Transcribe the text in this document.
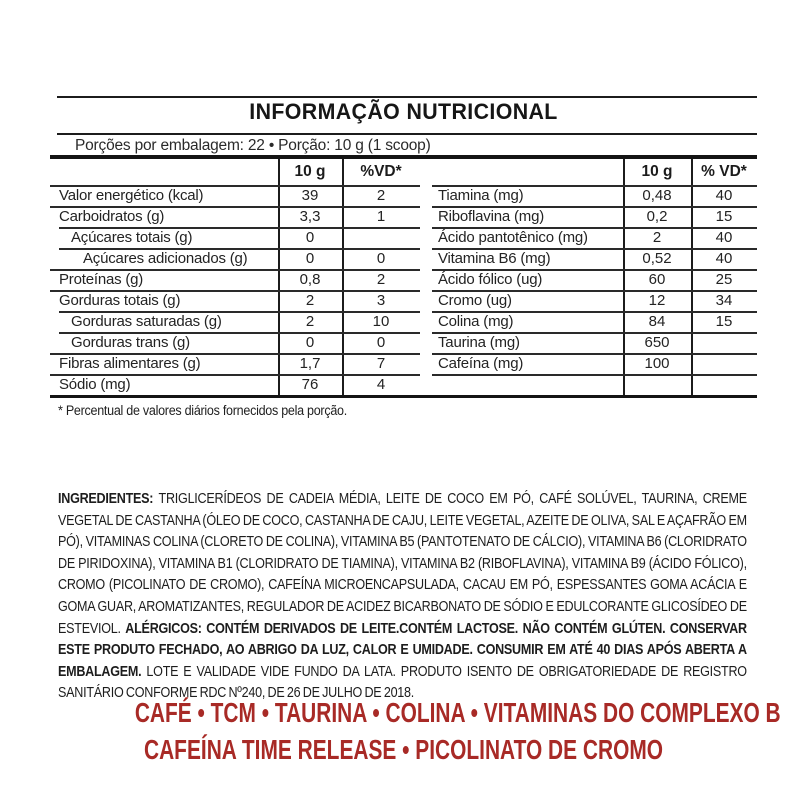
INFORMAÇÃO NUTRICIONAL
Porções por embalagem: 22 • Porção: 10 g (1 scoop)
10 g	%VD*
Valor energético (kcal)	39	2
Carboidratos (g)	3,3	1
Açúcares totais (g)	0
Açúcares adicionados (g)	0	0
Proteínas (g)	0,8	2
Gorduras totais (g)	2	3
Gorduras saturadas (g)	2	10
Gorduras trans (g)	0	0
Fibras alimentares (g)	1,7	7
Sódio (mg)	76	4
10 g	% VD*
Tiamina (mg)	0,48	40
Riboflavina (mg)	0,2	15
Ácido pantotênico (mg)	2	40
Vitamina B6 (mg)	0,52	40
Ácido fólico (ug)	60	25
Cromo (ug)	12	34
Colina (mg)	84	15
Taurina (mg)	650
Cafeína (mg)	100
* Percentual de valores diários fornecidos pela porção.

INGREDIENTES: TRIGLICERÍDEOS DE CADEIA MÉDIA, LEITE DE COCO EM PÓ, CAFÉ SOLÚVEL, TAURINA, CREME VEGETAL DE CASTANHA (ÓLEO DE COCO, CASTANHA DE CAJU, LEITE VEGETAL, AZEITE DE OLIVA, SAL E AÇAFRÃO EM PÓ), VITAMINAS COLINA (CLORETO DE COLINA), VITAMINA B5 (PANTOTENATO DE CÁLCIO), VITAMINA B6 (CLORIDRATO DE PIRIDOXINA), VITAMINA B1 (CLORIDRATO DE TIAMINA), VITAMINA B2 (RIBOFLAVINA), VITAMINA B9 (ÁCIDO FÓLICO), CROMO (PICOLINATO DE CROMO), CAFEÍNA MICROENCAPSULADA, CACAU EM PÓ, ESPESSANTES GOMA ACÁCIA E GOMA GUAR, AROMATIZANTES, REGULADOR DE ACIDEZ BICARBONATO DE SÓDIO E EDULCORANTE GLICOSÍDEO DE ESTEVIOL. ALÉRGICOS: CONTÉM DERIVADOS DE LEITE.CONTÉM LACTOSE. NÃO CONTÉM GLÚTEN. CONSERVAR ESTE PRODUTO FECHADO, AO ABRIGO DA LUZ, CALOR E UMIDADE. CONSUMIR EM ATÉ 40 DIAS APÓS ABERTA A EMBALAGEM. LOTE E VALIDADE VIDE FUNDO DA LATA. PRODUTO ISENTO DE OBRIGATORIEDADE DE REGISTRO SANITÁRIO CONFORME RDC Nº240, DE 26 DE JULHO DE 2018.

CAFÉ • TCM • TAURINA • COLINA • VITAMINAS DO COMPLEXO B
CAFEÍNA TIME RELEASE • PICOLINATO DE CROMO
